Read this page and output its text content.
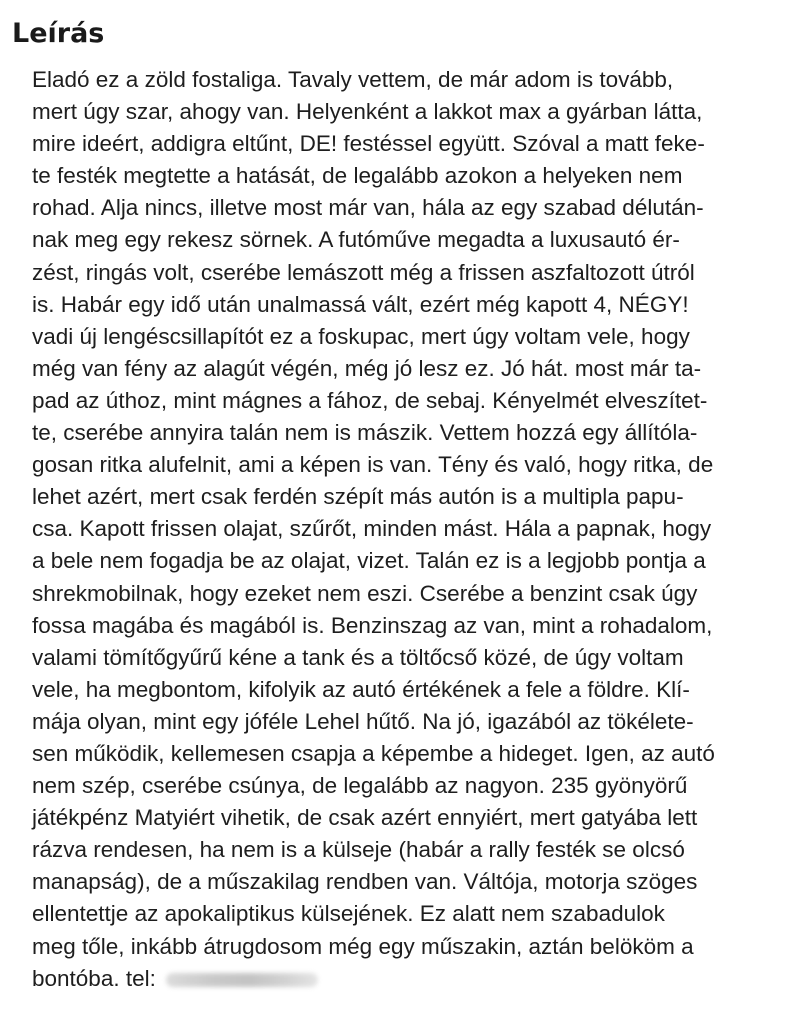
Leírás
Eladó ez a zöld fostaliga. Tavaly vettem, de már adom is tovább,
mert úgy szar, ahogy van. Helyenként a lakkot max a gyárban látta,
mire ideért, addigra eltűnt, DE! festéssel együtt. Szóval a matt feke-
te festék megtette a hatását, de legalább azokon a helyeken nem
rohad. Alja nincs, illetve most már van, hála az egy szabad délután-
nak meg egy rekesz sörnek. A futóműve megadta a luxusautó ér-
zést, ringás volt, cserébe lemászott még a frissen aszfaltozott útról
is. Habár egy idő után unalmassá vált, ezért még kapott 4, NÉGY!
vadi új lengéscsillapítót ez a foskupac, mert úgy voltam vele, hogy
még van fény az alagút végén, még jó lesz ez. Jó hát. most már ta-
pad az úthoz, mint mágnes a fához, de sebaj. Kényelmét elveszítet-
te, cserébe annyira talán nem is mászik. Vettem hozzá egy állítóla-
gosan ritka alufelnit, ami a képen is van. Tény és való, hogy ritka, de
lehet azért, mert csak ferdén szépít más autón is a multipla papu-
csa. Kapott frissen olajat, szűrőt, minden mást. Hála a papnak, hogy
a bele nem fogadja be az olajat, vizet. Talán ez is a legjobb pontja a
shrekmobilnak, hogy ezeket nem eszi. Cserébe a benzint csak úgy
fossa magába és magából is. Benzinszag az van, mint a rohadalom,
valami tömítőgyűrű kéne a tank és a töltőcső közé, de úgy voltam
vele, ha megbontom, kifolyik az autó értékének a fele a földre. Klí-
mája olyan, mint egy jóféle Lehel hűtő. Na jó, igazából az tökélete-
sen működik, kellemesen csapja a képembe a hideget. Igen, az autó
nem szép, cserébe csúnya, de legalább az nagyon. 235 gyönyörű
játékpénz Matyiért vihetik, de csak azért ennyiért, mert gatyába lett
rázva rendesen, ha nem is a külseje (habár a rally festék se olcsó
manapság), de a műszakilag rendben van. Váltója, motorja szöges
ellentettje az apokaliptikus külsejének. Ez alatt nem szabadulok
meg tőle, inkább átrugdosom még egy műszakin, aztán belököm a
bontóba. tel:
